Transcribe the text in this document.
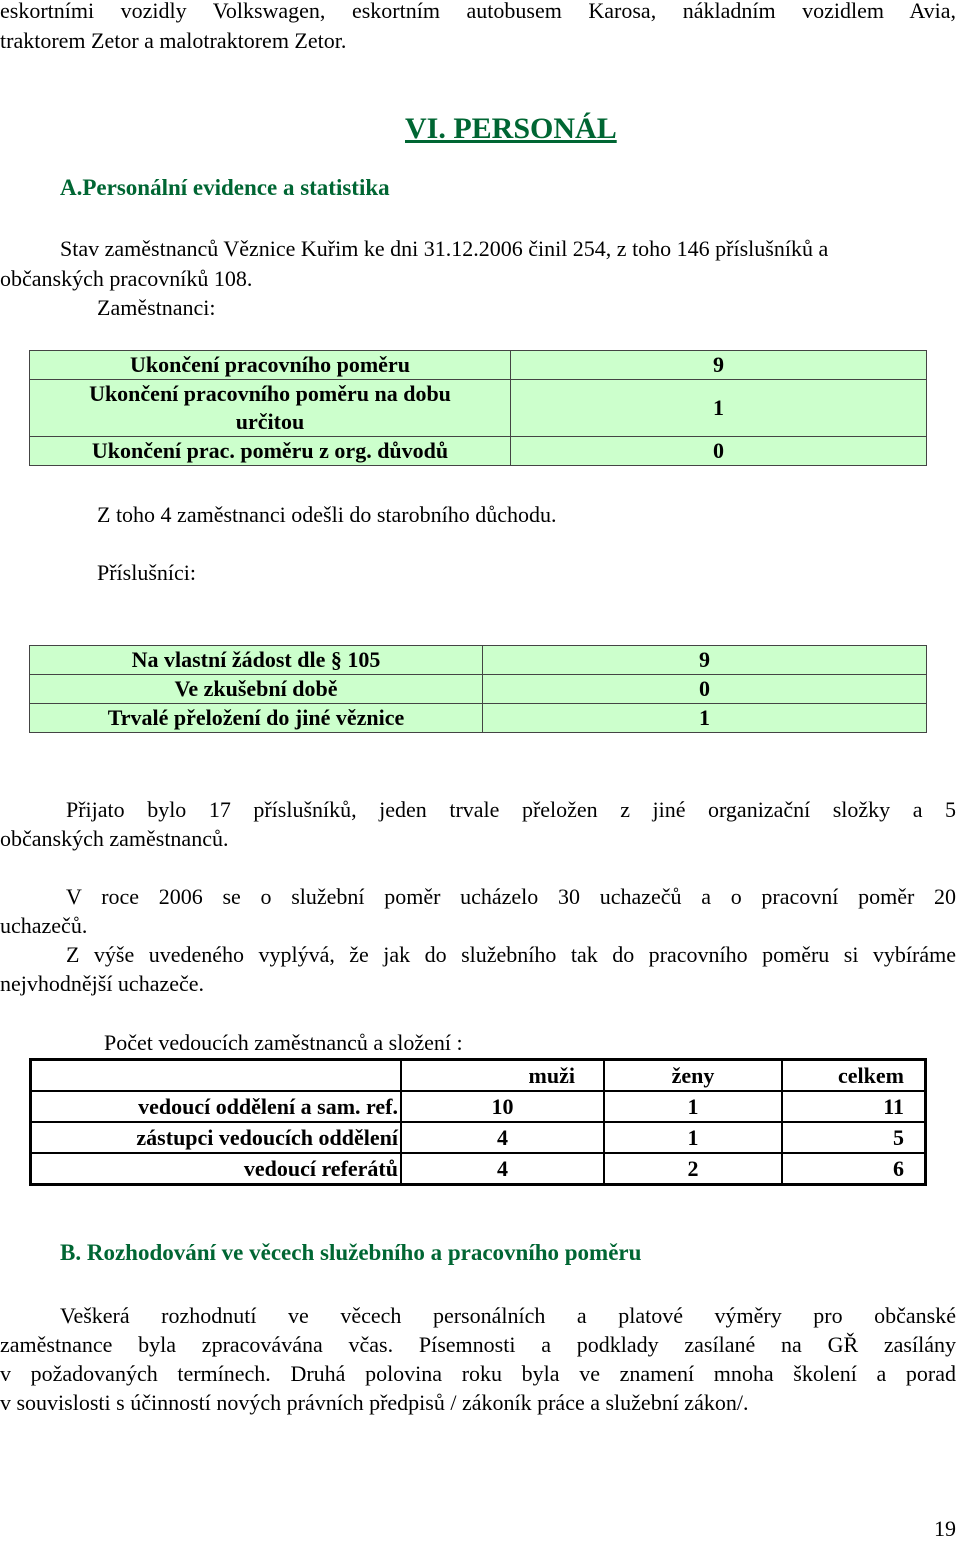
eskortními vozidly Volkswagen, eskortním autobusem Karosa, nákladním vozidlem Avia,
traktorem Zetor a malotraktorem Zetor.
VI. PERSONÁL
A.Personální evidence a statistika
Stav zaměstnanců Věznice Kuřim ke dni 31.12.2006 činil 254, z toho 146 příslušníků a
občanských pracovníků 108.
Zaměstnanci:
Ukončení pracovního poměru	9

Ukončení pracovního poměru na dobu
určitou	1
Ukončení prac. poměru z org. důvodů	0
Z toho 4 zaměstnanci odešli do starobního důchodu.
Příslušníci:
Na vlastní žádost dle § 105	9
Ve zkušební době	0
Trvalé přeložení do jiné věznice	1
Přijato bylo 17 příslušníků, jeden trvale přeložen z jiné organizační složky a 5
občanských zaměstnanců.
V roce 2006 se o služební poměr ucházelo 30 uchazečů a o pracovní poměr 20
uchazečů.
Z výše uvedeného vyplývá, že jak do služebního tak do pracovního poměru si vybíráme
nejvhodnější uchazeče.
Počet vedoucích zaměstnanců a složení :
	muži	ženy	celkem
vedoucí oddělení a sam. ref.	10	1	11
zástupci vedoucích oddělení	4	1	5
vedoucí referátů	4	2	6
B. Rozhodování ve věcech služebního a pracovního poměru
Veškerá rozhodnutí ve věcech personálních a platové výměry pro občanské
zaměstnance byla zpracovávána včas. Písemnosti a podklady zasílané na GŘ zasílány
v požadovaných termínech. Druhá polovina roku byla ve znamení mnoha školení a porad
v souvislosti s účinností nových právních předpisů / zákoník práce a služební zákon/.
19
